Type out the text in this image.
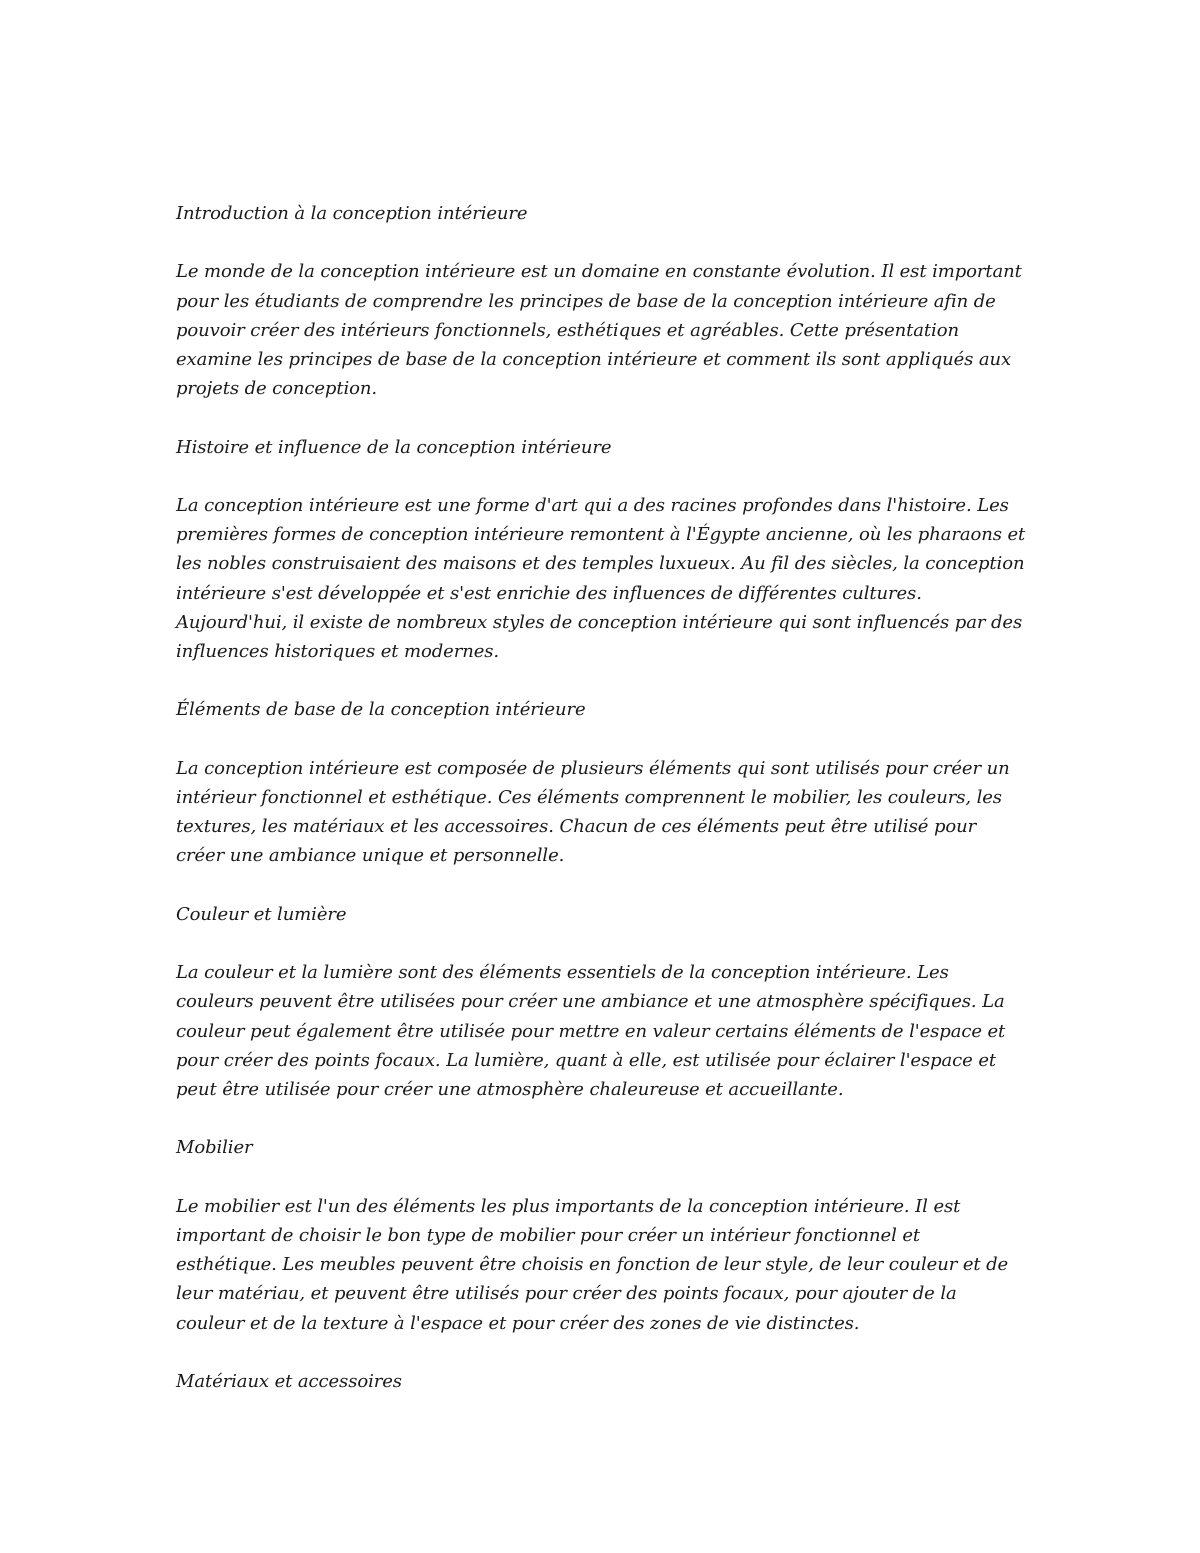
Introduction à la conception intérieure

Le monde de la conception intérieure est un domaine en constante évolution. Il est important pour les étudiants de comprendre les principes de base de la conception intérieure afin de pouvoir créer des intérieurs fonctionnels, esthétiques et agréables. Cette présentation examine les principes de base de la conception intérieure et comment ils sont appliqués aux projets de conception.

Histoire et influence de la conception intérieure

La conception intérieure est une forme d'art qui a des racines profondes dans l'histoire. Les premières formes de conception intérieure remontent à l'Égypte ancienne, où les pharaons et les nobles construisaient des maisons et des temples luxueux. Au fil des siècles, la conception intérieure s'est développée et s'est enrichie des influences de différentes cultures. Aujourd'hui, il existe de nombreux styles de conception intérieure qui sont influencés par des influences historiques et modernes.

Éléments de base de la conception intérieure

La conception intérieure est composée de plusieurs éléments qui sont utilisés pour créer un intérieur fonctionnel et esthétique. Ces éléments comprennent le mobilier, les couleurs, les textures, les matériaux et les accessoires. Chacun de ces éléments peut être utilisé pour créer une ambiance unique et personnelle.

Couleur et lumière

La couleur et la lumière sont des éléments essentiels de la conception intérieure. Les couleurs peuvent être utilisées pour créer une ambiance et une atmosphère spécifiques. La couleur peut également être utilisée pour mettre en valeur certains éléments de l'espace et pour créer des points focaux. La lumière, quant à elle, est utilisée pour éclairer l'espace et peut être utilisée pour créer une atmosphère chaleureuse et accueillante.

Mobilier

Le mobilier est l'un des éléments les plus importants de la conception intérieure. Il est important de choisir le bon type de mobilier pour créer un intérieur fonctionnel et esthétique. Les meubles peuvent être choisis en fonction de leur style, de leur couleur et de leur matériau, et peuvent être utilisés pour créer des points focaux, pour ajouter de la couleur et de la texture à l'espace et pour créer des zones de vie distinctes.

Matériaux et accessoires
